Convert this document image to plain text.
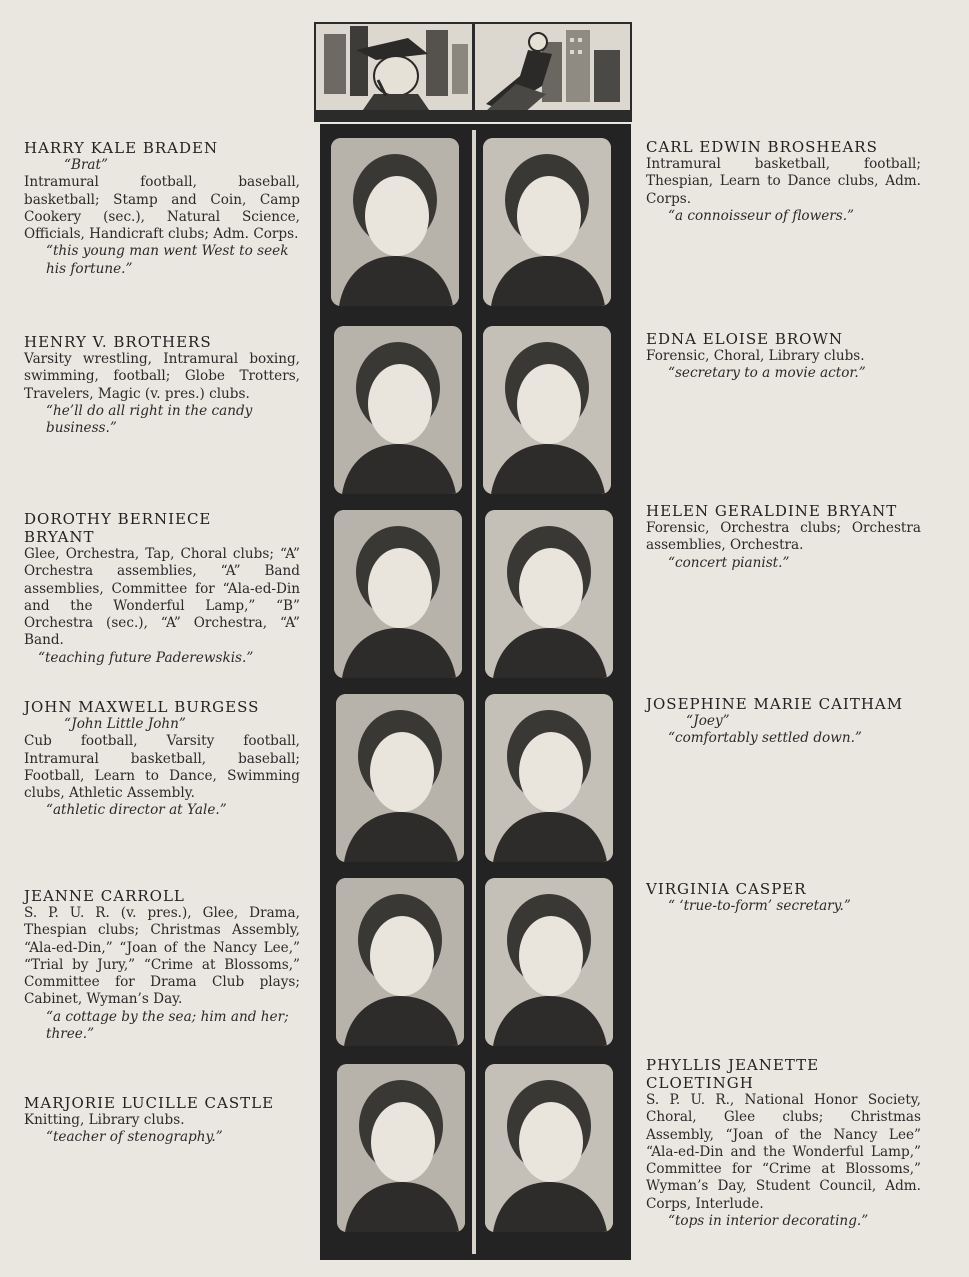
HARRY KALE BRADEN
“Brat”
Intramural football, baseball, basketball; Stamp and Coin, Camp Cookery (sec.), Natural Science, Officials, Handicraft clubs; Adm. Corps.
“this young man went West to seek his fortune.”
HENRY V. BROTHERS
Varsity wrestling, Intramural boxing, swimming, football; Globe Trotters, Travelers, Magic (v. pres.) clubs.
“he’ll do all right in the candy business.”
DOROTHY BERNIECE BRYANT
Glee, Orchestra, Tap, Choral clubs; “A” Orchestra assemblies, “A” Band assemblies, Committee for “Ala-ed-Din and the Wonderful Lamp,” “B” Orchestra (sec.), “A” Orchestra, “A” Band.
“teaching future Paderewskis.”
JOHN MAXWELL BURGESS
“John Little John”
Cub football, Varsity football, Intramural basketball, baseball; Football, Learn to Dance, Swimming clubs, Athletic Assembly.
“athletic director at Yale.”
JEANNE CARROLL
S. P. U. R. (v. pres.), Glee, Drama, Thespian clubs; Christmas Assembly, “Ala-ed-Din,” “Joan of the Nancy Lee,” “Trial by Jury,” “Crime at Blossoms,” Committee for Drama Club plays; Cabinet, Wyman’s Day.
“a cottage by the sea; him and her; three.”
MARJORIE LUCILLE CASTLE
Knitting, Library clubs.
“teacher of stenography.”
CARL EDWIN BROSHEARS
Intramural basketball, football; Thespian, Learn to Dance clubs, Adm. Corps.
“a connoisseur of flowers.”
EDNA ELOISE BROWN
Forensic, Choral, Library clubs.
“secretary to a movie actor.”
HELEN GERALDINE BRYANT
Forensic, Orchestra clubs; Orchestra assemblies, Orchestra.
“concert pianist.”
JOSEPHINE MARIE CAITHAM
“Joey”
“comfortably settled down.”
VIRGINIA CASPER
“ ‘true-to-form’ secretary.”
PHYLLIS JEANETTE CLOETINGH
S. P. U. R., National Honor Society, Choral, Glee clubs; Christmas Assembly, “Joan of the Nancy Lee” “Ala-ed-Din and the Wonderful Lamp,” Committee for “Crime at Blossoms,” Wyman’s Day, Student Council, Adm. Corps, Interlude.
“tops in interior decorating.”
